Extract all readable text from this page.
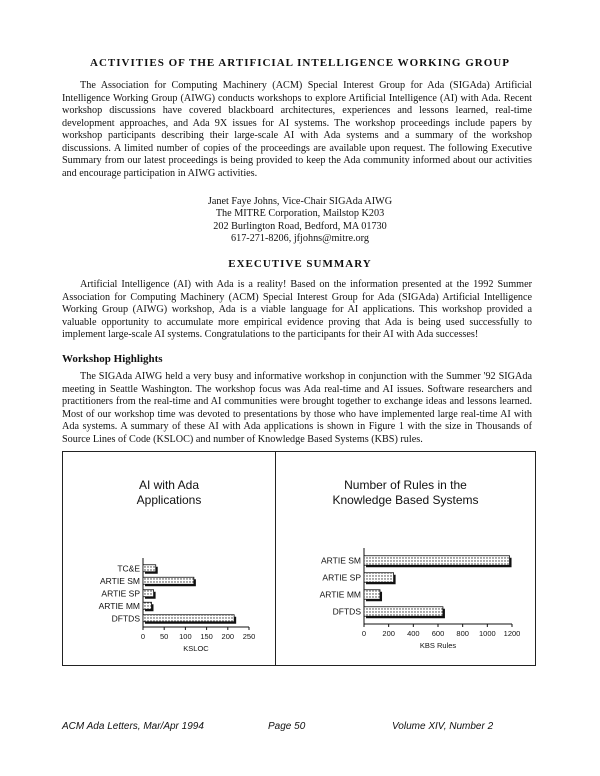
ACTIVITIES OF THE ARTIFICIAL INTELLIGENCE WORKING GROUP

The Association for Computing Machinery (ACM) Special Interest Group for Ada (SIGAda) Artificial Intelligence Working Group (AIWG) conducts workshops to explore Artificial Intelligence (AI) with Ada. Recent workshop discussions have covered blackboard architectures, experiences and lessons learned, real-time development approaches, and Ada 9X issues for AI systems. The workshop proceedings include papers by workshop participants describing their large-scale AI with Ada systems and a summary of the workshop discussions. A limited number of copies of the proceedings are available upon request. The following Executive Summary from our latest proceedings is being provided to keep the Ada community informed about our activities and encourage participation in AIWG activities.

Janet Faye Johns, Vice-Chair SIGAda AIWG
The MITRE Corporation, Mailstop K203
202 Burlington Road, Bedford, MA 01730
617-271-8206, jfjohns@mitre.org
EXECUTIVE SUMMARY

Artificial Intelligence (AI) with Ada is a reality! Based on the information presented at the 1992 Summer Association for Computing Machinery (ACM) Special Interest Group for Ada (SIGAda) Artificial Intelligence Working Group (AIWG) workshop, Ada is a viable language for AI applications. This workshop provided a valuable opportunity to accumulate more empirical evidence proving that Ada is being used successfully to implement large-scale AI systems. Congratulations to the participants for their AI with Ada successes!

Workshop Highlights

The SIGAda AIWG held a very busy and informative workshop in conjunction with the Summer '92 SIGAda meeting in Seattle Washington. The workshop focus was Ada real-time and AI issues. Software researchers and practitioners from the real-time and AI communities were brought together to exchange ideas and lessons learned. Most of our workshop time was devoted to presentations by those who have implemented large real-time AI with Ada systems. A summary of these AI with Ada applications is shown in Figure 1 with the size in Thousands of Source Lines of Code (KSLOC) and number of Knowledge Based Systems (KBS) rules.

AI with Ada
Applications
TC&E
ARTIE SM
ARTIE SP
ARTIE MM
DFTDS
0 50 100 150 200 250
KSLOC
Number of Rules in the
Knowledge Based Systems
ARTIE SM
ARTIE SP
ARTIE MM
DFTDS
0 200 400 600 800 1000 1200
KBS Rules
ACM Ada Letters, Mar/Apr 1994	Page 50	Volume XIV, Number 2
